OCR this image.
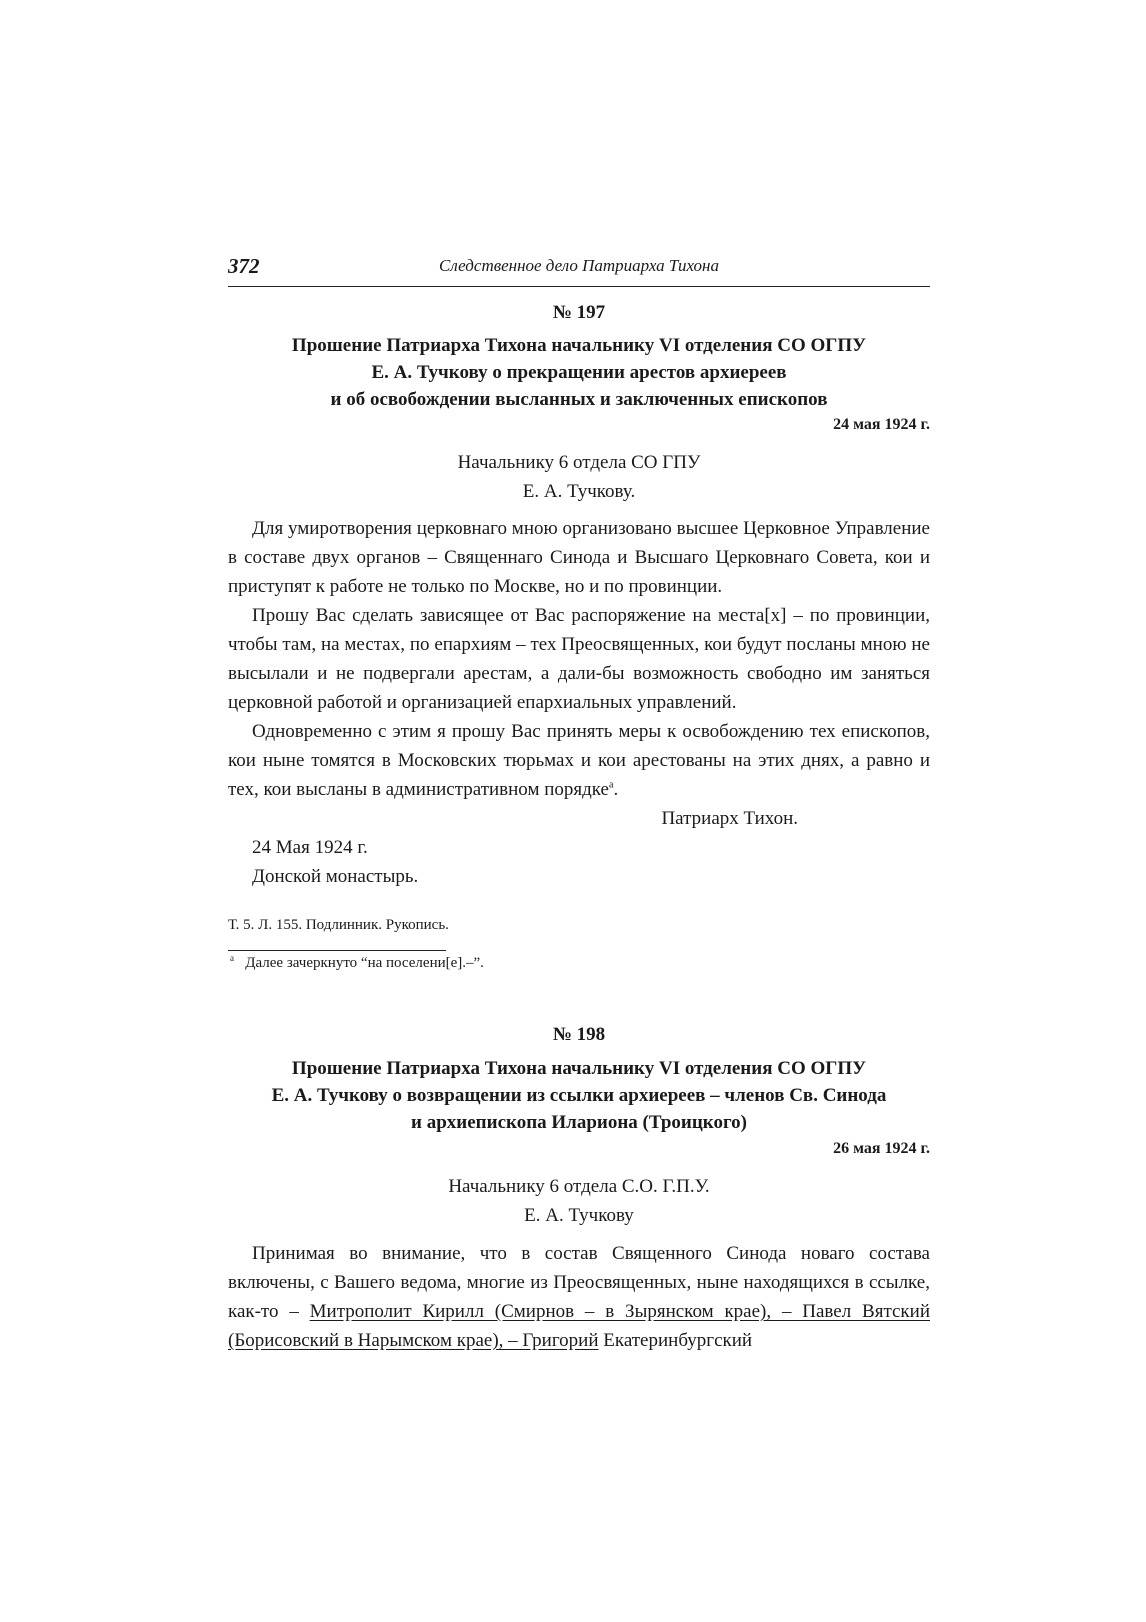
372	Следственное дело Патриарха Тихона

№ 197

Прошение Патриарха Тихона начальнику VI отделения СО ОГПУ

Е. А. Тучкову о прекращении арестов архиереев

и об освобождении высланных и заключенных епископов

24 мая 1924 г.

Начальнику 6 отдела СО ГПУ

Е. А. Тучкову.

Для умиротворения церковнаго мною организовано высшее Церковное Управление в составе двух органов – Священнаго Синода и Высшаго Церковнаго Совета, кои и приступят к работе не только по Москве, но и по провинции.

Прошу Вас сделать зависящее от Вас распоряжение на места[х] – по провинции, чтобы там, на местах, по епархиям – тех Преосвященных, кои будут посланы мною не высылали и не подвергали арестам, а дали-бы возможность свободно им заняться церковной работой и организацией епархиальных управлений.

Одновременно с этим я прошу Вас принять меры к освобождению тех епископов, кои ныне томятся в Московских тюрьмах и кои арестованы на этих днях, а равно и тех, кои высланы в административном порядке$^а$.

Патриарх Тихон.

24 Мая 1924 г.

Донской монастырь.

Т. 5. Л. 155. Подлинник. Рукопись.

$^а$ Далее зачеркнуто “на поселени[е].–”.

№ 198

Прошение Патриарха Тихона начальнику VI отделения СО ОГПУ

Е. А. Тучкову о возвращении из ссылки архиереев – членов Св. Синода

и архиепископа Илариона (Троицкого)

26 мая 1924 г.

Начальнику 6 отдела С.О. Г.П.У.

Е. А. Тучкову

Принимая во внимание, что в состав Священного Синода новаго состава включены, с Вашего ведома, многие из Преосвященных, ныне находящихся в ссылке, как-то – Митрополит Кирилл (Смирнов – в Зырянском крае), – Павел Вятский (Борисовский в Нарымском крае), – Григорий Екатеринбургский
